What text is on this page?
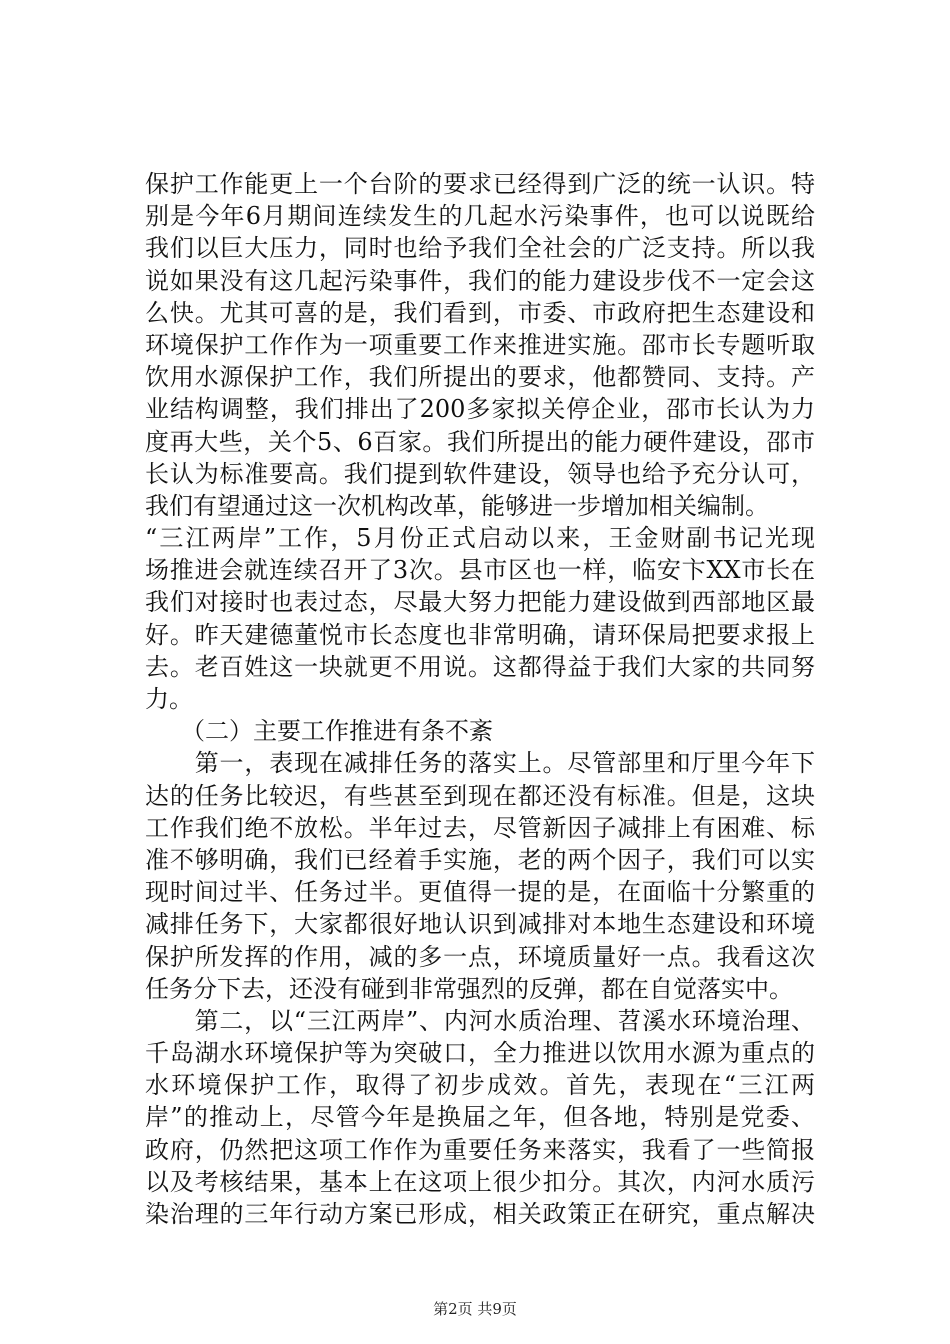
保护工作能更上一个台阶的要求已经得到广泛的统一认识。特
别是今年6月期间连续发生的几起水污染事件，也可以说既给
我们以巨大压力，同时也给予我们全社会的广泛支持。所以我
说如果没有这几起污染事件，我们的能力建设步伐不一定会这
么快。尤其可喜的是，我们看到，市委、市政府把生态建设和
环境保护工作作为一项重要工作来推进实施。邵市长专题听取
饮用水源保护工作，我们所提出的要求，他都赞同、支持。产
业结构调整，我们排出了200多家拟关停企业，邵市长认为力
度再大些，关个5、6百家。我们所提出的能力硬件建设，邵市
长认为标准要高。我们提到软件建设，领导也给予充分认可，
我们有望通过这一次机构改革，能够进一步增加相关编制。
“三江两岸”工作，5月份正式启动以来，王金财副书记光现
场推进会就连续召开了3次。县市区也一样，临安卞XX市长在
我们对接时也表过态，尽最大努力把能力建设做到西部地区最
好。昨天建德董悦市长态度也非常明确，请环保局把要求报上
去。老百姓这一块就更不用说。这都得益于我们大家的共同努
力。
　　（二）主要工作推进有条不紊
　　第一，表现在减排任务的落实上。尽管部里和厅里今年下
达的任务比较迟，有些甚至到现在都还没有标准。但是，这块
工作我们绝不放松。半年过去，尽管新因子减排上有困难、标
准不够明确，我们已经着手实施，老的两个因子，我们可以实
现时间过半、任务过半。更值得一提的是，在面临十分繁重的
减排任务下，大家都很好地认识到减排对本地生态建设和环境
保护所发挥的作用，减的多一点，环境质量好一点。我看这次
任务分下去，还没有碰到非常强烈的反弹，都在自觉落实中。
　　第二，以“三江两岸”、内河水质治理、苕溪水环境治理、
千岛湖水环境保护等为突破口，全力推进以饮用水源为重点的
水环境保护工作，取得了初步成效。首先，表现在“三江两
岸”的推动上，尽管今年是换届之年，但各地，特别是党委、
政府，仍然把这项工作作为重要任务来落实，我看了一些简报
以及考核结果，基本上在这项上很少扣分。其次，内河水质污
染治理的三年行动方案已形成，相关政策正在研究，重点解决
第2页 共9页
